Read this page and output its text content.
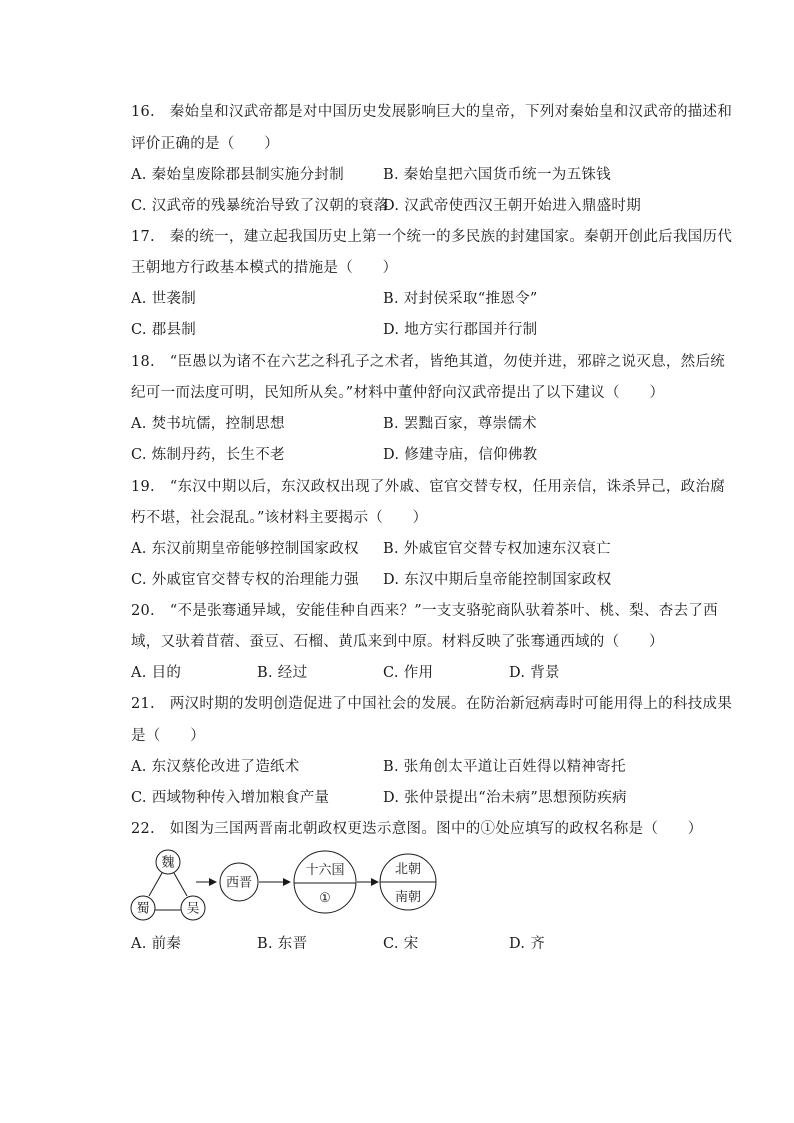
16.　秦始皇和汉武帝都是对中国历史发展影响巨大的皇帝，下列对秦始皇和汉武帝的描述和
评价正确的是（　　）
A. 秦始皇废除郡县制实施分封制	B. 秦始皇把六国货币统一为五铢钱
C. 汉武帝的残暴统治导致了汉朝的衰落
D. 汉武帝使西汉王朝开始进入鼎盛时期
17.　秦的统一，建立起我国历史上第一个统一的多民族的封建国家。秦朝开创此后我国历代
王朝地方行政基本模式的措施是（　　）
A. 世袭制	B. 对封侯采取“推恩令”
C. 郡县制	D. 地方实行郡国并行制
18.　“臣愚以为诸不在六艺之科孔子之术者，皆绝其道，勿使并进，邪辟之说灭息，然后统
纪可一而法度可明，民知所从矣。”材料中董仲舒向汉武帝提出了以下建议（　　）
A. 焚书坑儒，控制思想	B. 罢黜百家，尊崇儒术
C. 炼制丹药，长生不老	D. 修建寺庙，信仰佛教
19.　“东汉中期以后，东汉政权出现了外戚、宦官交替专权，任用亲信，诛杀异己，政治腐
朽不堪，社会混乱。”该材料主要揭示（　　）
A. 东汉前期皇帝能够控制国家政权 B. 外戚宦官交替专权加速东汉衰亡
C. 外戚宦官交替专权的治理能力强 D. 东汉中期后皇帝能控制国家政权
20.　“不是张骞通异域，安能佳种自西来？”一支支骆驼商队驮着茶叶、桃、梨、杏去了西
域，又驮着苜蓿、蚕豆、石榴、黄瓜来到中原。材料反映了张骞通西域的（　　）
A. 目的	B. 经过	C. 作用	D. 背景
21.　两汉时期的发明创造促进了中国社会的发展。在防治新冠病毒时可能用得上的科技成果
是（　　）
A. 东汉蔡伦改进了造纸术	B. 张角创太平道让百姓得以精神寄托
C. 西域物种传入增加粮食产量	D. 张仲景提出“治未病”思想预防疾病
22.　如图为三国两晋南北朝政权更迭示意图。图中的①处应填写的政权名称是（　　）
魏
蜀	吴
西晋
十六国
①
北朝
南朝
A. 前秦	B. 东晋	C. 宋	D. 齐
